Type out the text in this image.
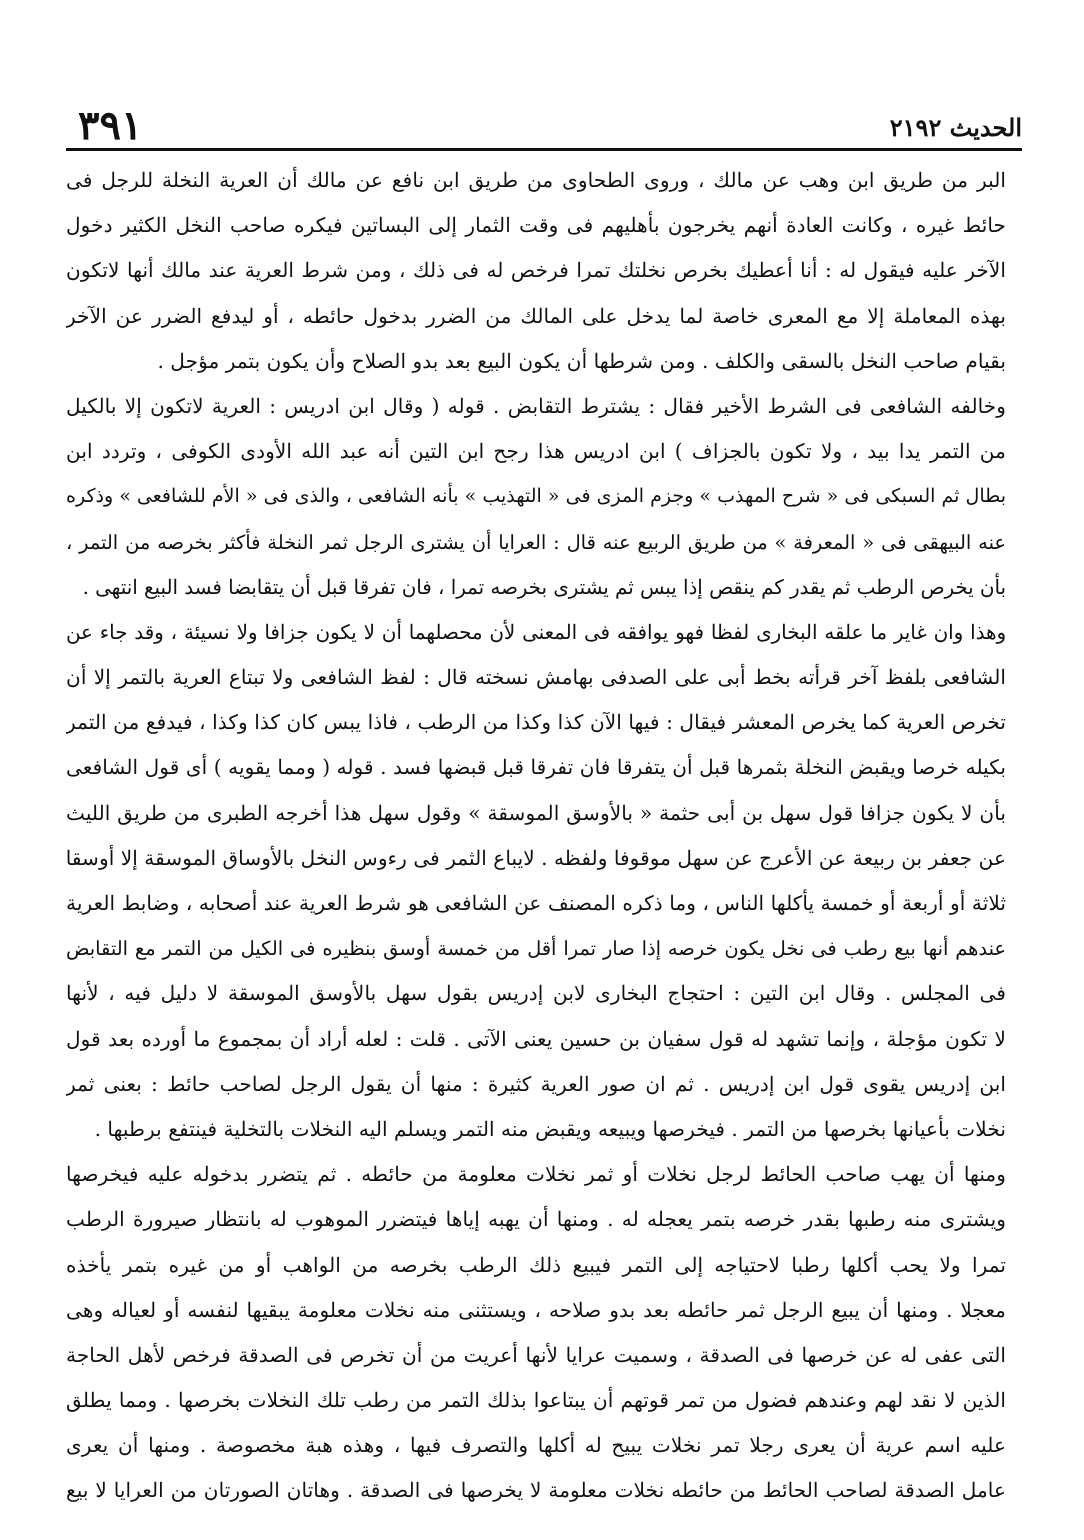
الحديث ٢١٩٢
٣٩١
البر من طريق ابن وهب عن مالك ، وروى الطحاوى من طريق ابن نافع عن مالك أن العرية النخلة للرجل فى
حائط غيره ، وكانت العادة أنهم يخرجون بأهليهم فى وقت الثمار إلى البساتين فيكره صاحب النخل الكثير دخول
الآخر عليه فيقول له : أنا أعطيك بخرص نخلتك تمرا فرخص له فى ذلك ، ومن شرط العرية عند مالك أنها لاتكون
بهذه المعاملة إلا مع المعرى خاصة لما يدخل على المالك من الضرر بدخول حائطه ، أو ليدفع الضرر عن الآخر
بقيام صاحب النخل بالسقى والكلف . ومن شرطها أن يكون البيع بعد بدو الصلاح وأن يكون بتمر مؤجل .
وخالفه الشافعى فى الشرط الأخير فقال : يشترط التقابض . قوله ( وقال ابن ادريس : العرية لاتكون إلا بالكيل
من التمر يدا بيد ، ولا تكون بالجزاف ) ابن ادريس هذا رجح ابن التين أنه عبد الله الأودى الكوفى ، وتردد ابن
بطال ثم السبكى فى « شرح المهذب » وجزم المزى فى « التهذيب » بأنه الشافعى ، والذى فى « الأم للشافعى » وذكره
عنه البيهقى فى « المعرفة » من طريق الربيع عنه قال : العرايا أن يشترى الرجل ثمر النخلة فأكثر بخرصه من التمر ،
بأن يخرص الرطب ثم يقدر كم ينقص إذا يبس ثم يشترى بخرصه تمرا ، فان تفرقا قبل أن يتقابضا فسد البيع انتهى .
وهذا وان غاير ما علقه البخارى لفظا فهو يوافقه فى المعنى لأن محصلهما أن لا يكون جزافا ولا نسيئة ، وقد جاء عن
الشافعى بلفظ آخر قرأته بخط أبى على الصدفى بهامش نسخته قال : لفظ الشافعى ولا تبتاع العرية بالتمر إلا أن
تخرص العرية كما يخرص المعشر فيقال : فيها الآن كذا وكذا من الرطب ، فاذا يبس كان كذا وكذا ، فيدفع من التمر
بكيله خرصا ويقبض النخلة بثمرها قبل أن يتفرقا فان تفرقا قبل قبضها فسد . قوله ( ومما يقويه ) أى قول الشافعى
بأن لا يكون جزافا قول سهل بن أبى حثمة « بالأوسق الموسقة » وقول سهل هذا أخرجه الطبرى من طريق الليث
عن جعفر بن ربيعة عن الأعرج عن سهل موقوفا ولفظه . لايباع الثمر فى رءوس النخل بالأوساق الموسقة إلا أوسقا
ثلاثة أو أربعة أو خمسة يأكلها الناس ، وما ذكره المصنف عن الشافعى هو شرط العرية عند أصحابه ، وضابط العرية
عندهم أنها بيع رطب فى نخل يكون خرصه إذا صار تمرا أقل من خمسة أوسق بنظيره فى الكيل من التمر مع التقابض
فى المجلس . وقال ابن التين : احتجاج البخارى لابن إدريس بقول سهل بالأوسق الموسقة لا دليل فيه ، لأنها
لا تكون مؤجلة ، وإنما تشهد له قول سفيان بن حسين يعنى الآتى . قلت : لعله أراد أن بمجموع ما أورده بعد قول
ابن إدريس يقوى قول ابن إدريس . ثم ان صور العرية كثيرة : منها أن يقول الرجل لصاحب حائط : بعنى ثمر
نخلات بأعيانها بخرصها من التمر . فيخرصها ويبيعه ويقبض منه التمر ويسلم اليه النخلات بالتخلية فينتفع برطبها .
ومنها أن يهب صاحب الحائط لرجل نخلات أو ثمر نخلات معلومة من حائطه . ثم يتضرر بدخوله عليه فيخرصها
ويشترى منه رطبها بقدر خرصه بتمر يعجله له . ومنها أن يهبه إياها فيتضرر الموهوب له بانتظار صيرورة الرطب
تمرا ولا يحب أكلها رطبا لاحتياجه إلى التمر فيبيع ذلك الرطب بخرصه من الواهب أو من غيره بتمر يأخذه
معجلا . ومنها أن يبيع الرجل ثمر حائطه بعد بدو صلاحه ، ويستثنى منه نخلات معلومة يبقيها لنفسه أو لعياله وهى
التى عفى له عن خرصها فى الصدقة ، وسميت عرايا لأنها أعريت من أن تخرص فى الصدقة فرخص لأهل الحاجة
الذين لا نقد لهم وعندهم فضول من تمر قوتهم أن يبتاعوا بذلك التمر من رطب تلك النخلات بخرصها . ومما يطلق
عليه اسم عرية أن يعرى رجلا تمر نخلات يبيح له أكلها والتصرف فيها ، وهذه هبة مخصوصة . ومنها أن يعرى
عامل الصدقة لصاحب الحائط من حائطه نخلات معلومة لا يخرصها فى الصدقة . وهاتان الصورتان من العرايا لا بيع
